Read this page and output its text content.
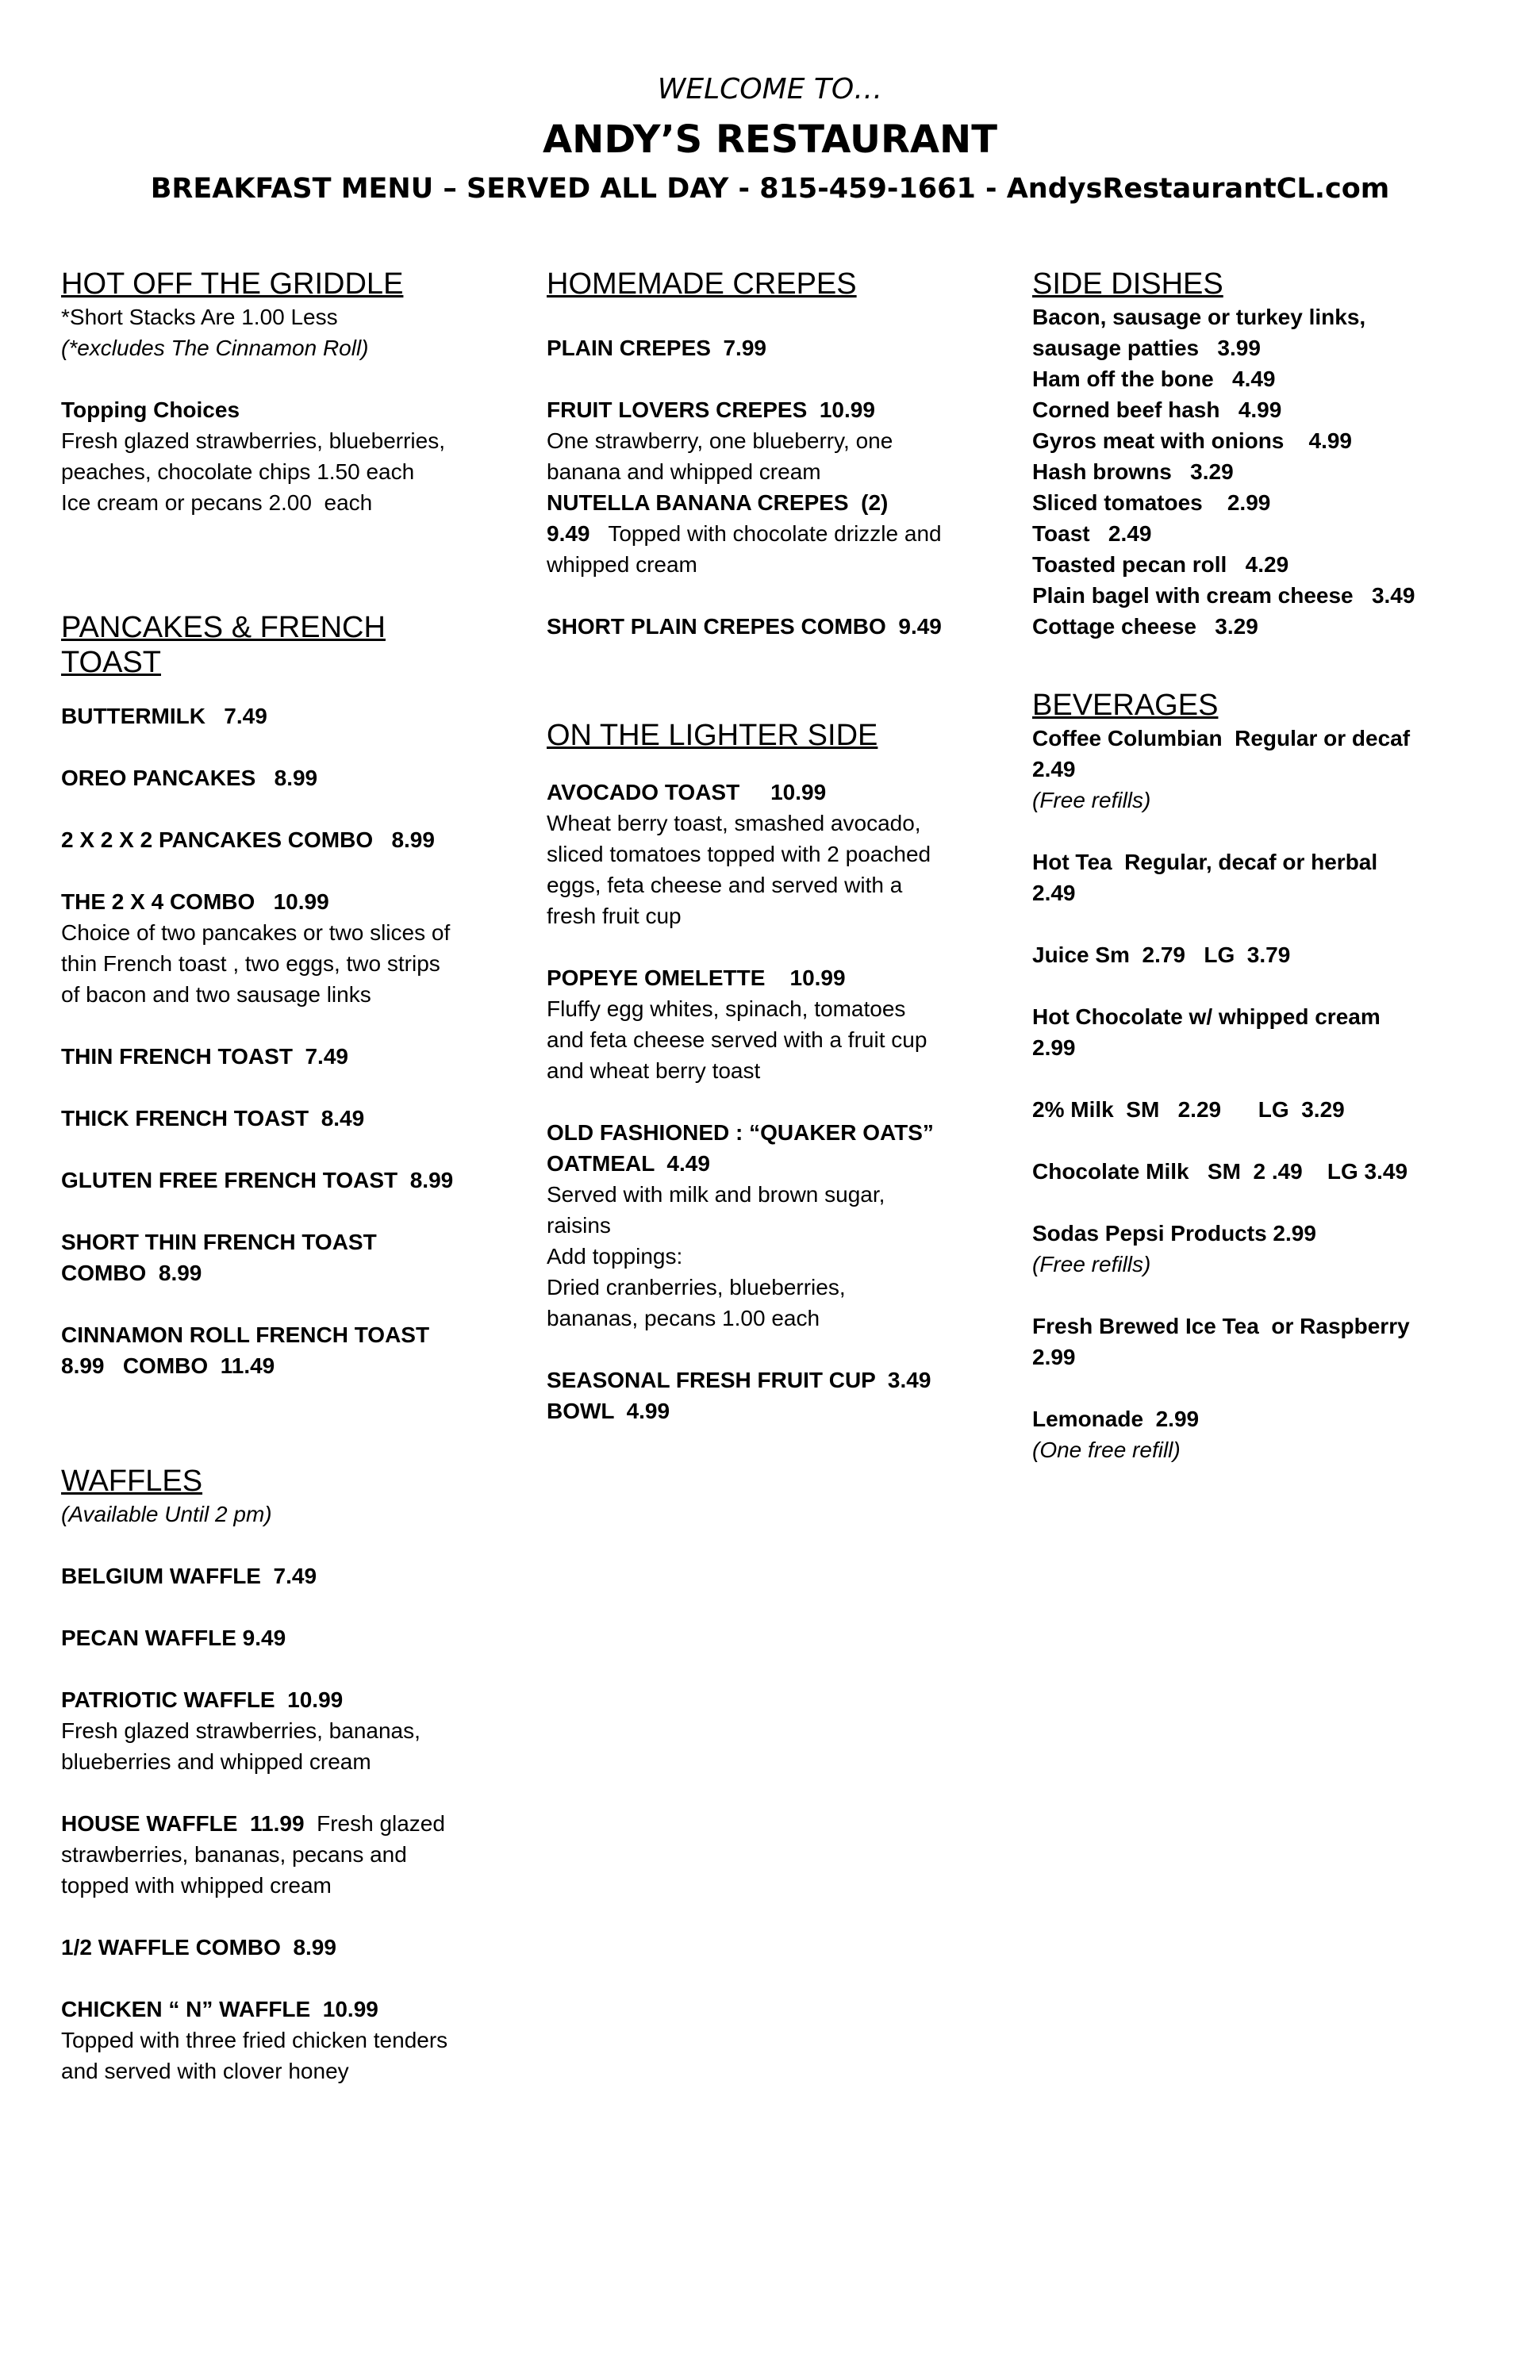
WELCOME TO…
ANDY’S RESTAURANT
BREAKFAST MENU – SERVED ALL DAY - 815-459-1661 - AndysRestaurantCL.com
HOT OFF THE GRIDDLE
*Short Stacks Are 1.00 Less
(*excludes The Cinnamon Roll)
Topping Choices
Fresh glazed strawberries, blueberries,
peaches, chocolate chips 1.50 each
Ice cream or pecans 2.00  each
PANCAKES & FRENCH
TOAST
BUTTERMILK   7.49
OREO PANCAKES   8.99
2 X 2 X 2 PANCAKES COMBO   8.99
THE 2 X 4 COMBO   10.99
Choice of two pancakes or two slices of
thin French toast , two eggs, two strips
of bacon and two sausage links
THIN FRENCH TOAST  7.49
THICK FRENCH TOAST  8.49
GLUTEN FREE FRENCH TOAST  8.99
SHORT THIN FRENCH TOAST
COMBO  8.99
CINNAMON ROLL FRENCH TOAST
8.99   COMBO  11.49
WAFFLES
(Available Until 2 pm)
BELGIUM WAFFLE  7.49
PECAN WAFFLE 9.49
PATRIOTIC WAFFLE  10.99
Fresh glazed strawberries, bananas,
blueberries and whipped cream
HOUSE WAFFLE  11.99  Fresh glazed
strawberries, bananas, pecans and
topped with whipped cream
1/2 WAFFLE COMBO  8.99
CHICKEN “ N” WAFFLE  10.99
Topped with three fried chicken tenders
and served with clover honey
HOMEMADE CREPES
PLAIN CREPES  7.99
FRUIT LOVERS CREPES  10.99
One strawberry, one blueberry, one
banana and whipped cream
NUTELLA BANANA CREPES  (2)
9.49   Topped with chocolate drizzle and
whipped cream
SHORT PLAIN CREPES COMBO  9.49
ON THE LIGHTER SIDE
AVOCADO TOAST     10.99
Wheat berry toast, smashed avocado,
sliced tomatoes topped with 2 poached
eggs, feta cheese and served with a
fresh fruit cup
POPEYE OMELETTE    10.99
Fluffy egg whites, spinach, tomatoes
and feta cheese served with a fruit cup
and wheat berry toast
OLD FASHIONED : “QUAKER OATS”
OATMEAL  4.49
Served with milk and brown sugar,
raisins
Add toppings:
Dried cranberries, blueberries,
bananas, pecans 1.00 each
SEASONAL FRESH FRUIT CUP  3.49
BOWL  4.99
SIDE DISHES
Bacon, sausage or turkey links,
sausage patties   3.99
Ham off the bone   4.49
Corned beef hash   4.99
Gyros meat with onions    4.99
Hash browns   3.29
Sliced tomatoes    2.99
Toast   2.49
Toasted pecan roll   4.29
Plain bagel with cream cheese   3.49
Cottage cheese   3.29
BEVERAGES
Coffee Columbian  Regular or decaf
2.49
(Free refills)
Hot Tea  Regular, decaf or herbal
2.49
Juice Sm  2.79   LG  3.79
Hot Chocolate w/ whipped cream
2.99
2% Milk  SM   2.29      LG  3.29
Chocolate Milk   SM  2 .49    LG 3.49
Sodas Pepsi Products 2.99
(Free refills)
Fresh Brewed Ice Tea  or Raspberry
2.99
Lemonade  2.99
(One free refill)
